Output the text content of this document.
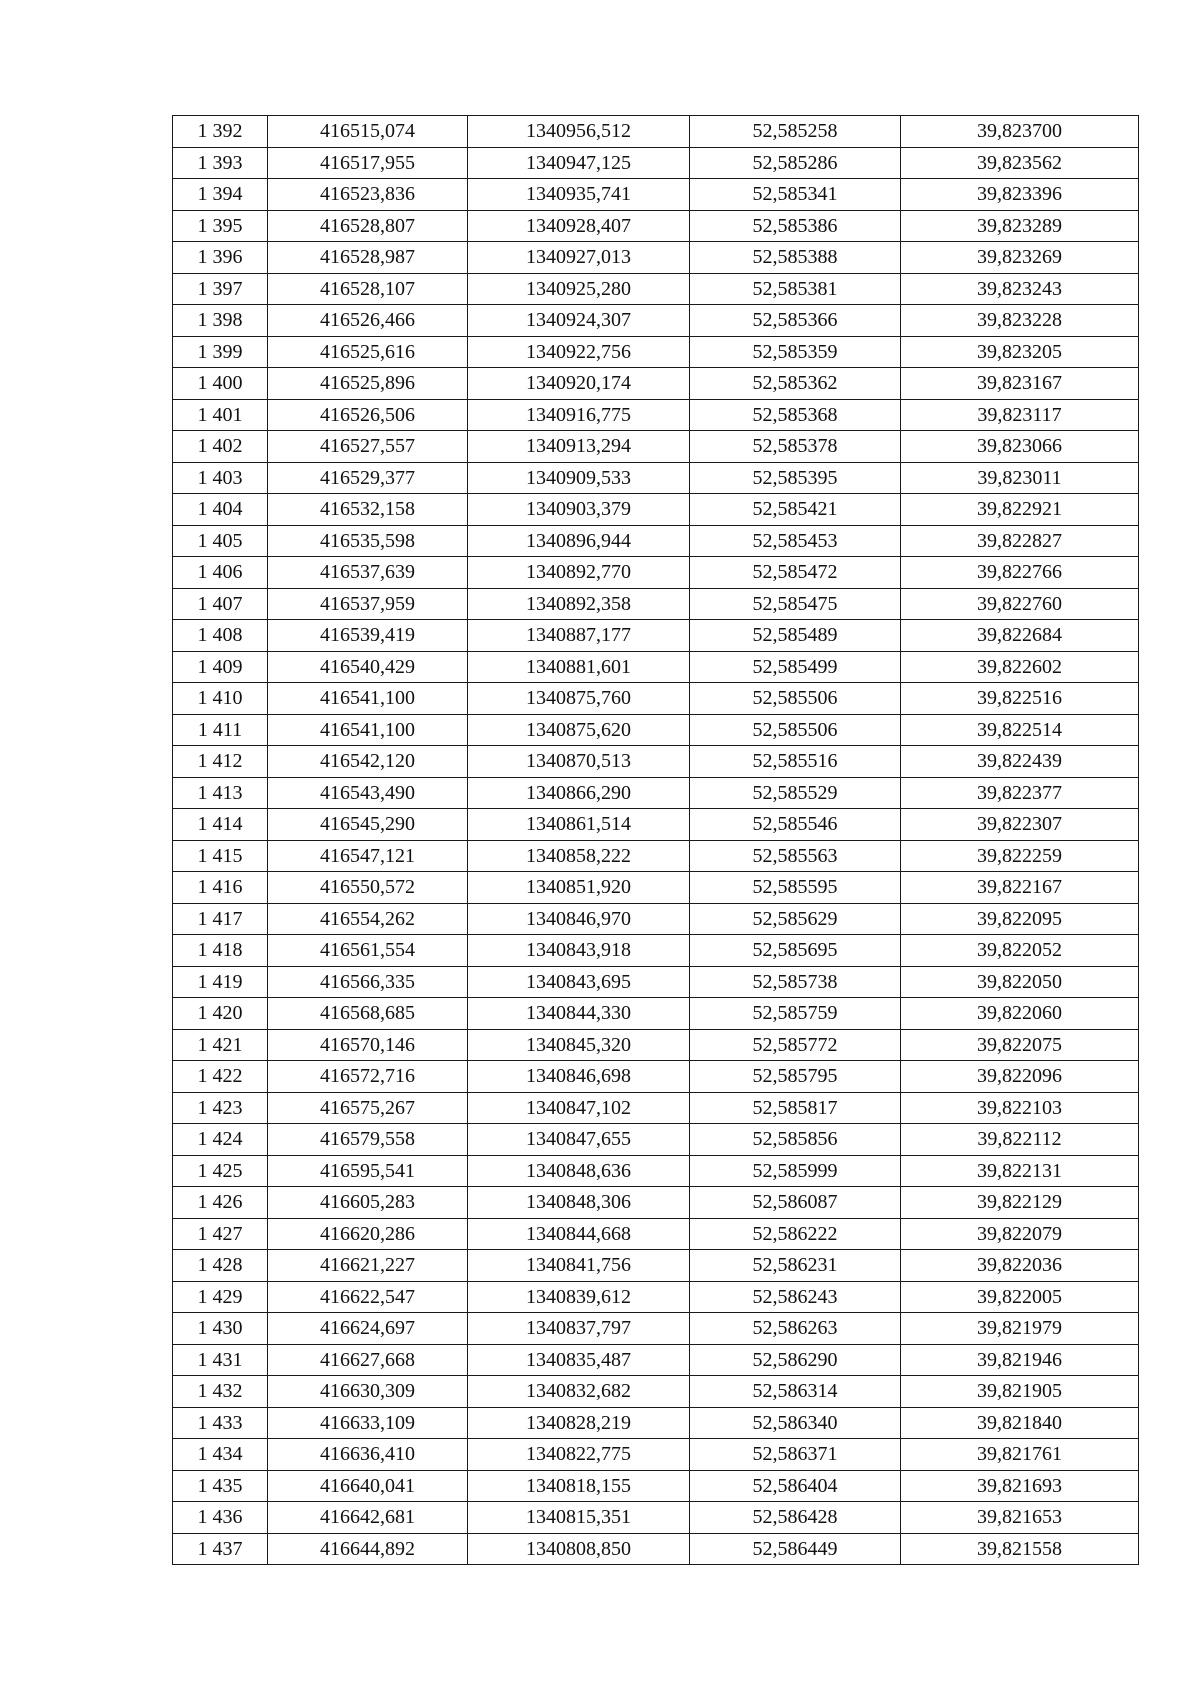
1 392	416515,074	1340956,512	52,585258	39,823700
1 393	416517,955	1340947,125	52,585286	39,823562
1 394	416523,836	1340935,741	52,585341	39,823396
1 395	416528,807	1340928,407	52,585386	39,823289
1 396	416528,987	1340927,013	52,585388	39,823269
1 397	416528,107	1340925,280	52,585381	39,823243
1 398	416526,466	1340924,307	52,585366	39,823228
1 399	416525,616	1340922,756	52,585359	39,823205
1 400	416525,896	1340920,174	52,585362	39,823167
1 401	416526,506	1340916,775	52,585368	39,823117
1 402	416527,557	1340913,294	52,585378	39,823066
1 403	416529,377	1340909,533	52,585395	39,823011
1 404	416532,158	1340903,379	52,585421	39,822921
1 405	416535,598	1340896,944	52,585453	39,822827
1 406	416537,639	1340892,770	52,585472	39,822766
1 407	416537,959	1340892,358	52,585475	39,822760
1 408	416539,419	1340887,177	52,585489	39,822684
1 409	416540,429	1340881,601	52,585499	39,822602
1 410	416541,100	1340875,760	52,585506	39,822516
1 411	416541,100	1340875,620	52,585506	39,822514
1 412	416542,120	1340870,513	52,585516	39,822439
1 413	416543,490	1340866,290	52,585529	39,822377
1 414	416545,290	1340861,514	52,585546	39,822307
1 415	416547,121	1340858,222	52,585563	39,822259
1 416	416550,572	1340851,920	52,585595	39,822167
1 417	416554,262	1340846,970	52,585629	39,822095
1 418	416561,554	1340843,918	52,585695	39,822052
1 419	416566,335	1340843,695	52,585738	39,822050
1 420	416568,685	1340844,330	52,585759	39,822060
1 421	416570,146	1340845,320	52,585772	39,822075
1 422	416572,716	1340846,698	52,585795	39,822096
1 423	416575,267	1340847,102	52,585817	39,822103
1 424	416579,558	1340847,655	52,585856	39,822112
1 425	416595,541	1340848,636	52,585999	39,822131
1 426	416605,283	1340848,306	52,586087	39,822129
1 427	416620,286	1340844,668	52,586222	39,822079
1 428	416621,227	1340841,756	52,586231	39,822036
1 429	416622,547	1340839,612	52,586243	39,822005
1 430	416624,697	1340837,797	52,586263	39,821979
1 431	416627,668	1340835,487	52,586290	39,821946
1 432	416630,309	1340832,682	52,586314	39,821905
1 433	416633,109	1340828,219	52,586340	39,821840
1 434	416636,410	1340822,775	52,586371	39,821761
1 435	416640,041	1340818,155	52,586404	39,821693
1 436	416642,681	1340815,351	52,586428	39,821653
1 437	416644,892	1340808,850	52,586449	39,821558
